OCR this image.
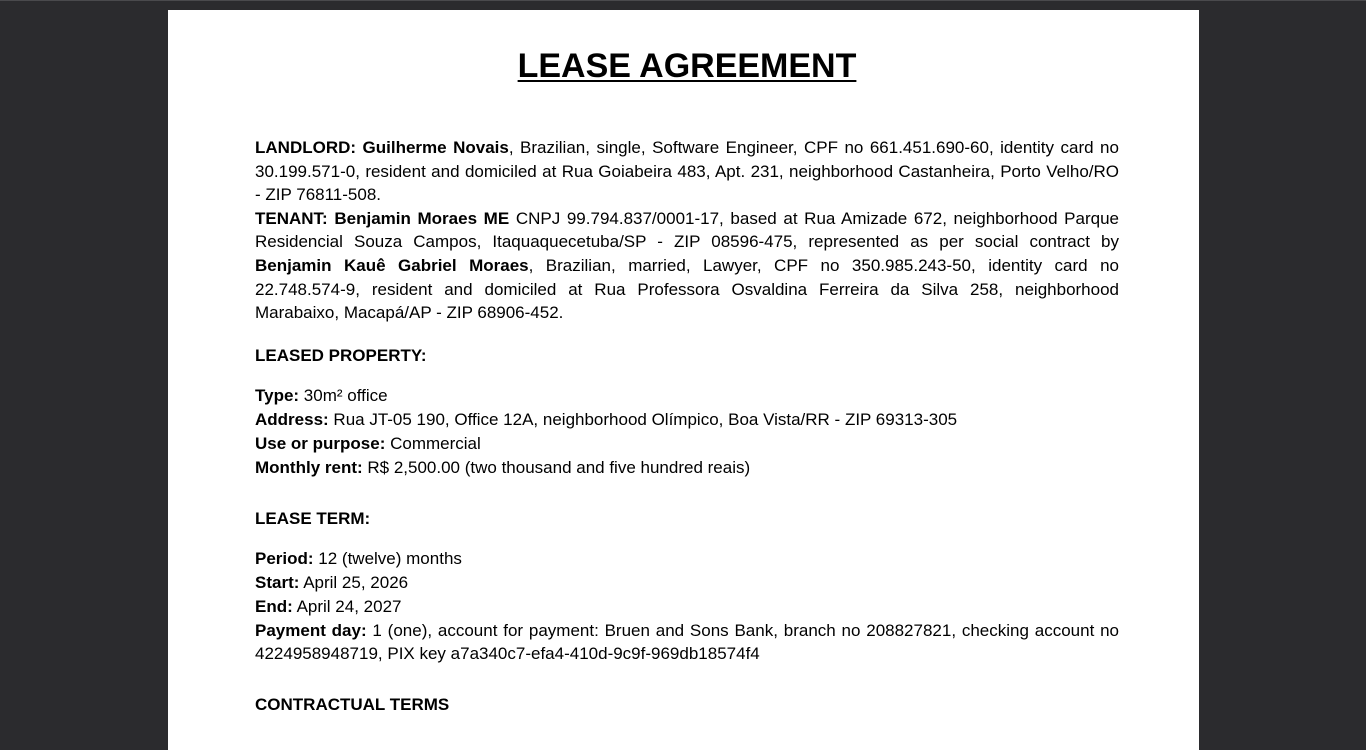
LEASE AGREEMENT

LANDLORD: Guilherme Novais, Brazilian, single, Software Engineer, CPF no 661.451.690-60, identity card no 30.199.571-0, resident and domiciled at Rua Goiabeira 483, Apt. 231, neighborhood Castanheira, Porto Velho/RO - ZIP 76811-508.

TENANT: Benjamin Moraes ME CNPJ 99.794.837/0001-17, based at Rua Amizade 672, neighborhood Parque Residencial Souza Campos, Itaquaquecetuba/SP - ZIP 08596-475, represented as per social contract by Benjamin Kauê Gabriel Moraes, Brazilian, married, Lawyer, CPF no 350.985.243-50, identity card no 22.748.574-9, resident and domiciled at Rua Professora Osvaldina Ferreira da Silva 258, neighborhood Marabaixo, Macapá/AP - ZIP 68906-452.

LEASED PROPERTY:
Type: 30m² office
Address: Rua JT-05 190, Office 12A, neighborhood Olímpico, Boa Vista/RR - ZIP 69313-305
Use or purpose: Commercial
Monthly rent: R$ 2,500.00 (two thousand and five hundred reais)
LEASE TERM:
Period: 12 (twelve) months
Start: April 25, 2026
End: April 24, 2027
Payment day: 1 (one), account for payment: Bruen and Sons Bank, branch no 208827821, checking account no 4224958948719, PIX key a7a340c7-efa4-410d-9c9f-969db18574f4
CONTRACTUAL TERMS
